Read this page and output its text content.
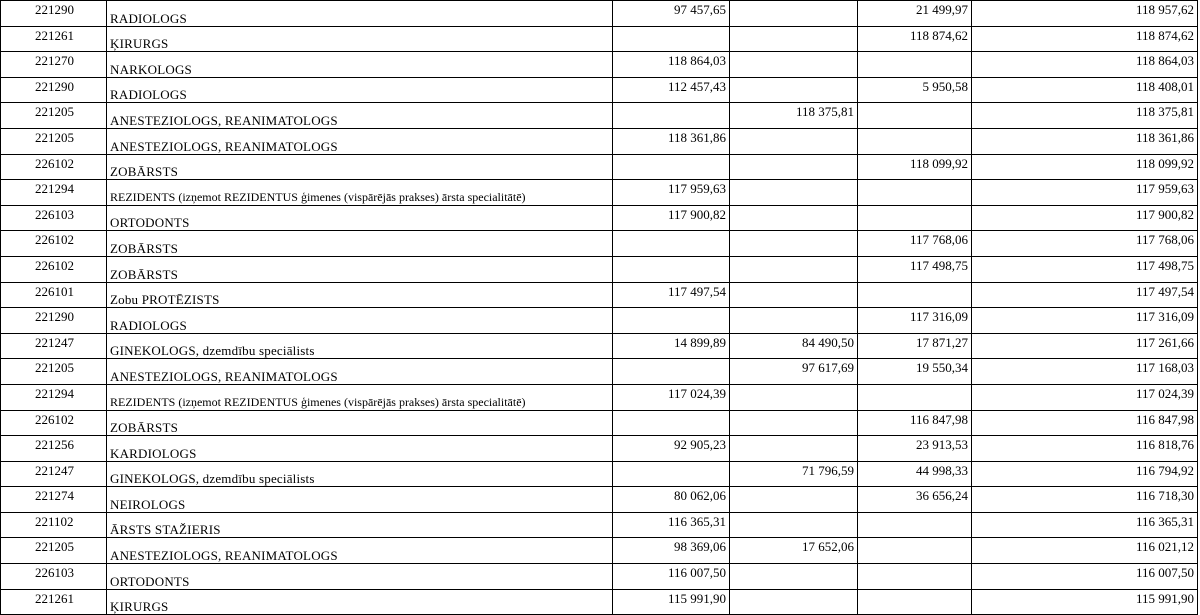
221290	RADIOLOGS	97 457,65		21 499,97	118 957,62
221261	ĶIRURGS			118 874,62	118 874,62
221270	NARKOLOGS	118 864,03			118 864,03
221290	RADIOLOGS	112 457,43		5 950,58	118 408,01
221205	ANESTEZIOLOGS, REANIMATOLOGS		118 375,81		118 375,81
221205	ANESTEZIOLOGS, REANIMATOLOGS	118 361,86			118 361,86
226102	ZOBĀRSTS			118 099,92	118 099,92
221294	REZIDENTS (izņemot REZIDENTUS ģimenes (vispārējās prakses) ārsta specialitātē)	117 959,63			117 959,63
226103	ORTODONTS	117 900,82			117 900,82
226102	ZOBĀRSTS			117 768,06	117 768,06
226102	ZOBĀRSTS			117 498,75	117 498,75
226101	Zobu PROTĒZISTS	117 497,54			117 497,54
221290	RADIOLOGS			117 316,09	117 316,09
221247	GINEKOLOGS, dzemdību speciālists	14 899,89	84 490,50	17 871,27	117 261,66
221205	ANESTEZIOLOGS, REANIMATOLOGS		97 617,69	19 550,34	117 168,03
221294	REZIDENTS (izņemot REZIDENTUS ģimenes (vispārējās prakses) ārsta specialitātē)	117 024,39			117 024,39
226102	ZOBĀRSTS			116 847,98	116 847,98
221256	KARDIOLOGS	92 905,23		23 913,53	116 818,76
221247	GINEKOLOGS, dzemdību speciālists		71 796,59	44 998,33	116 794,92
221274	NEIROLOGS	80 062,06		36 656,24	116 718,30
221102	ĀRSTS STAŽIERIS	116 365,31			116 365,31
221205	ANESTEZIOLOGS, REANIMATOLOGS	98 369,06	17 652,06		116 021,12
226103	ORTODONTS	116 007,50			116 007,50
221261	ĶIRURGS	115 991,90			115 991,90
